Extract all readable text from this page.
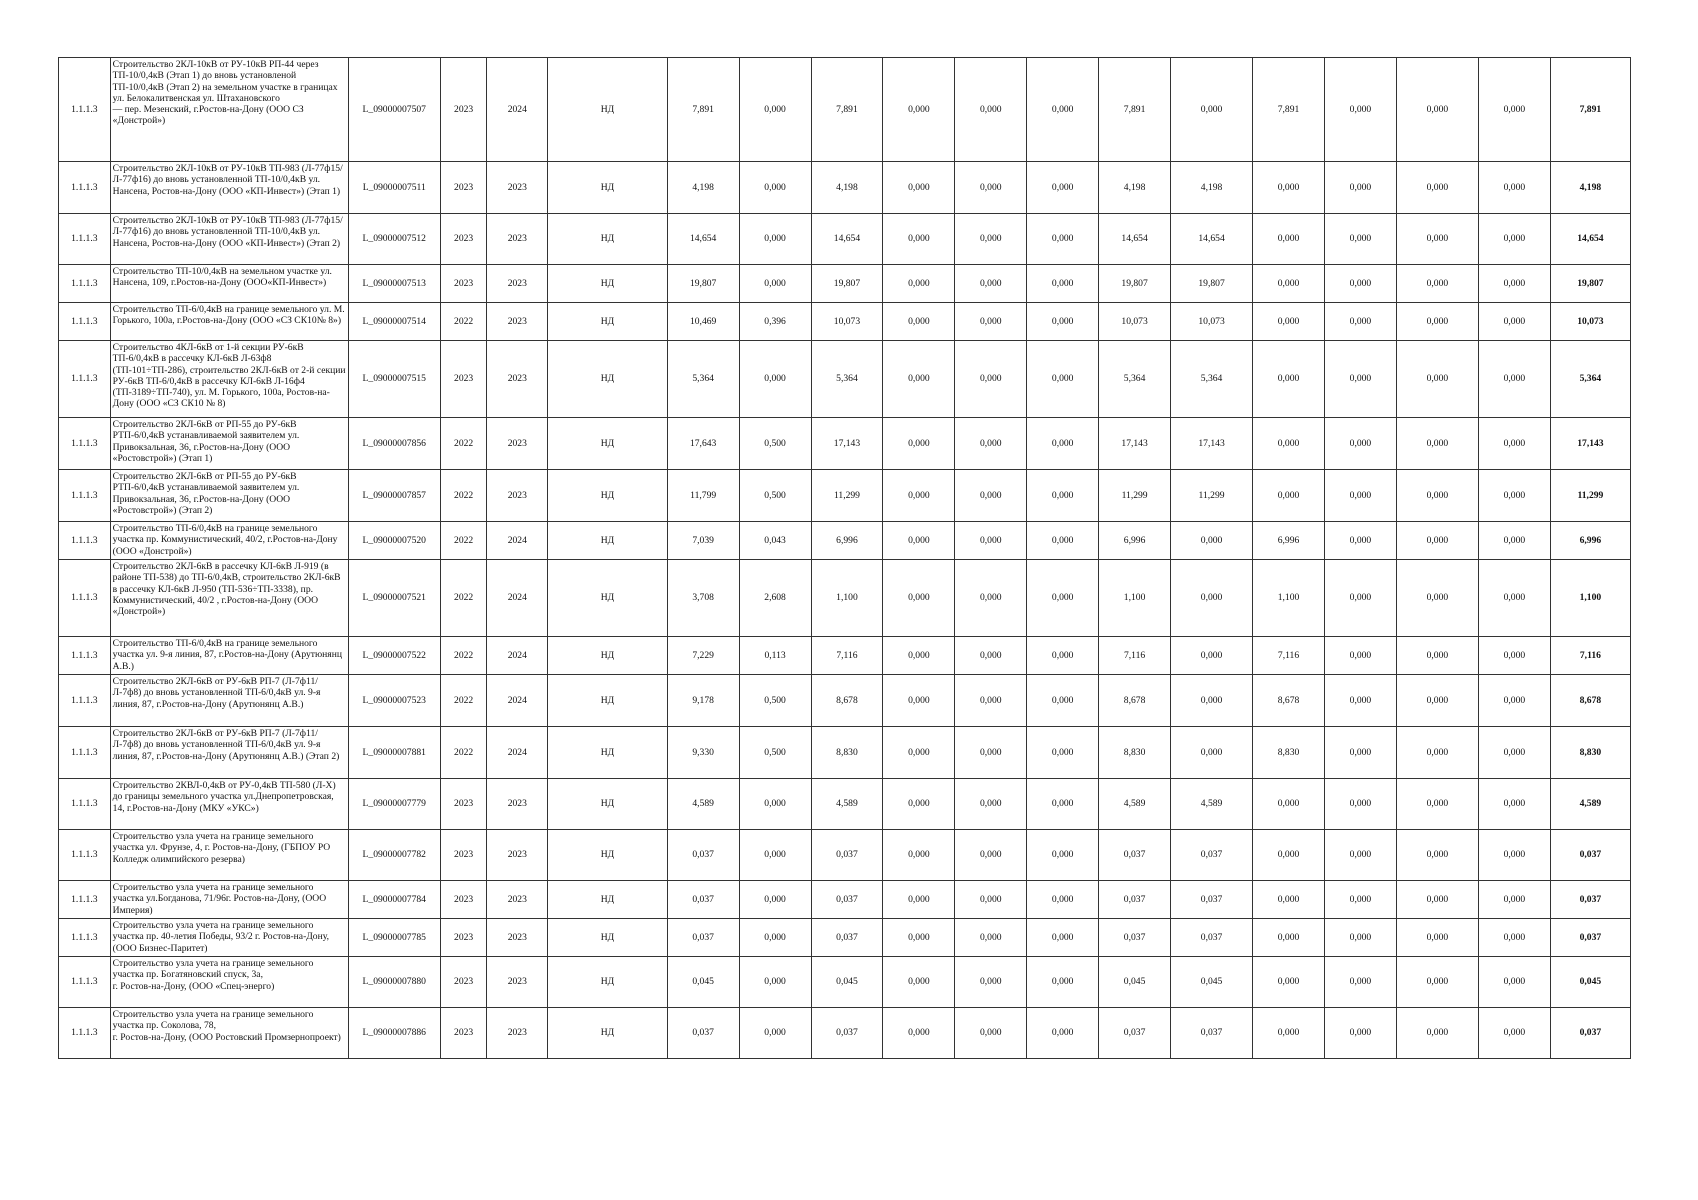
1.1.1.3	Строительство 2КЛ-10кВ от РУ-10кВ РП-44 через ТП-10/0,4кВ (Этап 1) до вновь установленой ТП-10/0,4кВ (Этап 2) на земельном участке в границах ул. Белокалитвенская ул. Штахановского
— пер. Мезенский, г.Ростов-на-Дону (ООО СЗ «Донстрой»)	L_09000007507	2023	2024	НД	7,891	0,000	7,891	0,000	0,000	0,000	7,891	0,000	7,891	0,000	0,000	0,000	7,891
1.1.1.3	Строительство 2КЛ-10кВ от РУ-10кВ ТП-983 (Л-77ф15/Л-77ф16) до вновь установленной ТП-10/0,4кВ ул. Нансена, Ростов-на-Дону (ООО «КП-Инвест») (Этап 1)	L_09000007511	2023	2023	НД	4,198	0,000	4,198	0,000	0,000	0,000	4,198	4,198	0,000	0,000	0,000	0,000	4,198
1.1.1.3	Строительство 2КЛ-10кВ от РУ-10кВ ТП-983 (Л-77ф15/Л-77ф16) до вновь установленной ТП-10/0,4кВ ул. Нансена, Ростов-на-Дону (ООО «КП-Инвест») (Этап 2)	L_09000007512	2023	2023	НД	14,654	0,000	14,654	0,000	0,000	0,000	14,654	14,654	0,000	0,000	0,000	0,000	14,654
1.1.1.3	Строительство ТП-10/0,4кВ на земельном участке ул. Нансена, 109, г.Ростов-на-Дону (ООО«КП-Инвест»)	L_09000007513	2023	2023	НД	19,807	0,000	19,807	0,000	0,000	0,000	19,807	19,807	0,000	0,000	0,000	0,000	19,807
1.1.1.3	Строительство ТП-6/0,4кВ на границе земельного ул. М. Горького, 100а, г.Ростов-на-Дону (ООО «СЗ СК10№ 8»)	L_09000007514	2022	2023	НД	10,469	0,396	10,073	0,000	0,000	0,000	10,073	10,073	0,000	0,000	0,000	0,000	10,073
1.1.1.3	Строительство 4КЛ-6кВ от 1-й секции РУ-6кВ ТП-6/0,4кВ в рассечку КЛ-6кВ Л-63ф8 (ТП-101÷ТП-286), строительство 2КЛ-6кВ от 2-й секции РУ-6кВ ТП-6/0,4кВ в рассечку КЛ-6кВ Л-16ф4 (ТП-3189÷ТП-740), ул. М. Горького, 100а, Ростов-на-Дону (ООО «СЗ СК10 № 8)	L_09000007515	2023	2023	НД	5,364	0,000	5,364	0,000	0,000	0,000	5,364	5,364	0,000	0,000	0,000	0,000	5,364
1.1.1.3	Строительство 2КЛ-6кВ от РП-55 до РУ-6кВ РТП-6/0,4кВ устанавливаемой заявителем ул. Привокзальная, 36, г.Ростов-на-Дону (ООО «Ростовстрой») (Этап 1)	L_09000007856	2022	2023	НД	17,643	0,500	17,143	0,000	0,000	0,000	17,143	17,143	0,000	0,000	0,000	0,000	17,143
1.1.1.3	Строительство 2КЛ-6кВ от РП-55 до РУ-6кВ РТП-6/0,4кВ устанавливаемой заявителем ул. Привокзальная, 36, г.Ростов-на-Дону (ООО «Ростовстрой») (Этап 2)	L_09000007857	2022	2023	НД	11,799	0,500	11,299	0,000	0,000	0,000	11,299	11,299	0,000	0,000	0,000	0,000	11,299
1.1.1.3	Строительство ТП-6/0,4кВ на границе земельного участка пр. Коммунистический, 40/2, г.Ростов-на-Дону (ООО «Донстрой»)	L_09000007520	2022	2024	НД	7,039	0,043	6,996	0,000	0,000	0,000	6,996	0,000	6,996	0,000	0,000	0,000	6,996
1.1.1.3	Строительство 2КЛ-6кВ в рассечку КЛ-6кВ Л-919 (в районе ТП-538) до ТП-6/0,4кВ, строительство 2КЛ-6кВ в рассечку КЛ-6кВ Л-950 (ТП-536÷ТП-3338), пр. Коммунистический, 40/2 , г.Ростов-на-Дону (ООО «Донстрой»)	L_09000007521	2022	2024	НД	3,708	2,608	1,100	0,000	0,000	0,000	1,100	0,000	1,100	0,000	0,000	0,000	1,100
1.1.1.3	Строительство ТП-6/0,4кВ на границе земельного участка ул. 9-я линия, 87, г.Ростов-на-Дону (Арутюнянц А.В.)	L_09000007522	2022	2024	НД	7,229	0,113	7,116	0,000	0,000	0,000	7,116	0,000	7,116	0,000	0,000	0,000	7,116
1.1.1.3	Строительство 2КЛ-6кВ от РУ-6кВ РП-7 (Л-7ф11/Л-7ф8) до вновь установленной ТП-6/0,4кВ ул. 9-я линия, 87, г.Ростов-на-Дону (Арутюнянц А.В.)	L_09000007523	2022	2024	НД	9,178	0,500	8,678	0,000	0,000	0,000	8,678	0,000	8,678	0,000	0,000	0,000	8,678
1.1.1.3	Строительство 2КЛ-6кВ от РУ-6кВ РП-7 (Л-7ф11/Л-7ф8) до вновь установленной ТП-6/0,4кВ ул. 9-я линия, 87, г.Ростов-на-Дону (Арутюнянц А.В.) (Этап 2)	L_09000007881	2022	2024	НД	9,330	0,500	8,830	0,000	0,000	0,000	8,830	0,000	8,830	0,000	0,000	0,000	8,830
1.1.1.3	Строительство 2КВЛ-0,4кВ от РУ-0,4кВ ТП-580 (Л-X) до границы земельного участка ул.Днепропетровская, 14, г.Ростов-на-Дону (МКУ «УКС»)	L_09000007779	2023	2023	НД	4,589	0,000	4,589	0,000	0,000	0,000	4,589	4,589	0,000	0,000	0,000	0,000	4,589
1.1.1.3	Строительство узла учета на границе земельного участка ул. Фрунзе, 4, г. Ростов-на-Дону, (ГБПОУ РО Колледж олимпийского резерва)	L_09000007782	2023	2023	НД	0,037	0,000	0,037	0,000	0,000	0,000	0,037	0,037	0,000	0,000	0,000	0,000	0,037
1.1.1.3	Строительство узла учета на границе земельного участка ул.Богданова, 71/96г. Ростов-на-Дону, (ООО Империя)	L_09000007784	2023	2023	НД	0,037	0,000	0,037	0,000	0,000	0,000	0,037	0,037	0,000	0,000	0,000	0,000	0,037
1.1.1.3	Строительство узла учета на границе земельного участка пр. 40-летия Победы, 93/2 г. Ростов-на-Дону, (ООО Бизнес-Паритет)	L_09000007785	2023	2023	НД	0,037	0,000	0,037	0,000	0,000	0,000	0,037	0,037	0,000	0,000	0,000	0,000	0,037
1.1.1.3	Строительство узла учета на границе земельного участка пр. Богатяновский спуск, 3а,
г. Ростов-на-Дону, (ООО «Спец-энерго)	L_09000007880	2023	2023	НД	0,045	0,000	0,045	0,000	0,000	0,000	0,045	0,045	0,000	0,000	0,000	0,000	0,045
1.1.1.3	Строительство узла учета на границе земельного участка пр. Соколова, 78,
г. Ростов-на-Дону, (ООО Ростовский Промзернопроект)	L_09000007886	2023	2023	НД	0,037	0,000	0,037	0,000	0,000	0,000	0,037	0,037	0,000	0,000	0,000	0,000	0,037
